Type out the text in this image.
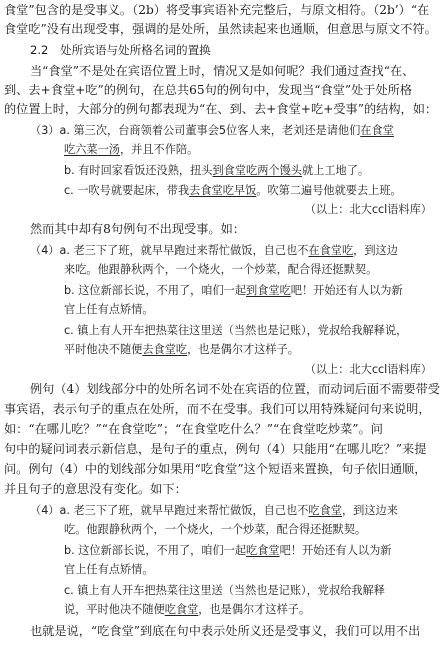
食堂”包含的是受事义。（2b）将受事宾语补充完整后，与原文相符。（2b’）“在
食堂吃”没有出现受事，强调的是处所，虽然读起来也通顺，但意思与原文不符。
2.2　处所宾语与处所格名词的置换
当“食堂”不是处在宾语位置上时，情况又是如何呢？我们通过查找“在、
到、去+食堂+吃”的例句，在总共65句的例句中，发现当“食堂”处于处所格
的位置上时，大部分的例句都表现为“在、到、去+食堂+吃+受事”的结构，如：
（3）a. 第三次，台商领着公司董事会5位客人来，老刘还是请他们在食堂
吃六菜一汤，并且不作陪。
b. 有时回家看饭还没熟，扭头到食堂吃两个馒头就上工地了。
c. 一吹号就要起床，带我去食堂吃早饭。吹第二遍号他就要去上班。
（以上：北大ccl语料库）
然而其中却有8句例句不出现受事。如：
（4）a. 老三下了班，就早早跑过来帮忙做饭，自己也不在食堂吃，到这边
来吃。他跟静秋两个，一个烧火，一个炒菜，配合得还挺默契。
b. 这位新部长说，不用了，咱们一起到食堂吃吧！开始还有人以为新
官上任有点矫情。
c. 镇上有人开车把热菜往这里送（当然也是记账），党叔给我解释说，
平时他决不随便去食堂吃，也是偶尔才这样子。
（以上：北大ccl语料库）
例句（4）划线部分中的处所名词不处在宾语的位置，而动词后面不需要带受
事宾语，表示句子的重点在处所，而不在受事。我们可以用特殊疑问句来说明，
如：“在哪儿吃？”“在食堂吃”；“在食堂吃什么？”“在食堂吃炒菜”。问
句中的疑问词表示新信息，是句子的重点，例句（4）只能用“在哪儿吃？”来提
问。例句（4）中的划线部分如果用“吃食堂”这个短语来置换，句子依旧通顺，
并且句子的意思没有变化。如下：
（4）a. 老三下了班，就早早跑过来帮忙做饭，自己也不吃食堂，到这边来
吃。他跟静秋两个，一个烧火，一个炒菜，配合得还挺默契。
b. 这位新部长说，不用了，咱们一起吃食堂吧！开始还有人以为新
官上任有点矫情。
c. 镇上有人开车把热菜往这里送（当然也是记账），党叔给我解释
说，平时他决不随便吃食堂，也是偶尔才这样子。
也就是说，“吃食堂”到底在句中表示处所义还是受事义，我们可以用不出
